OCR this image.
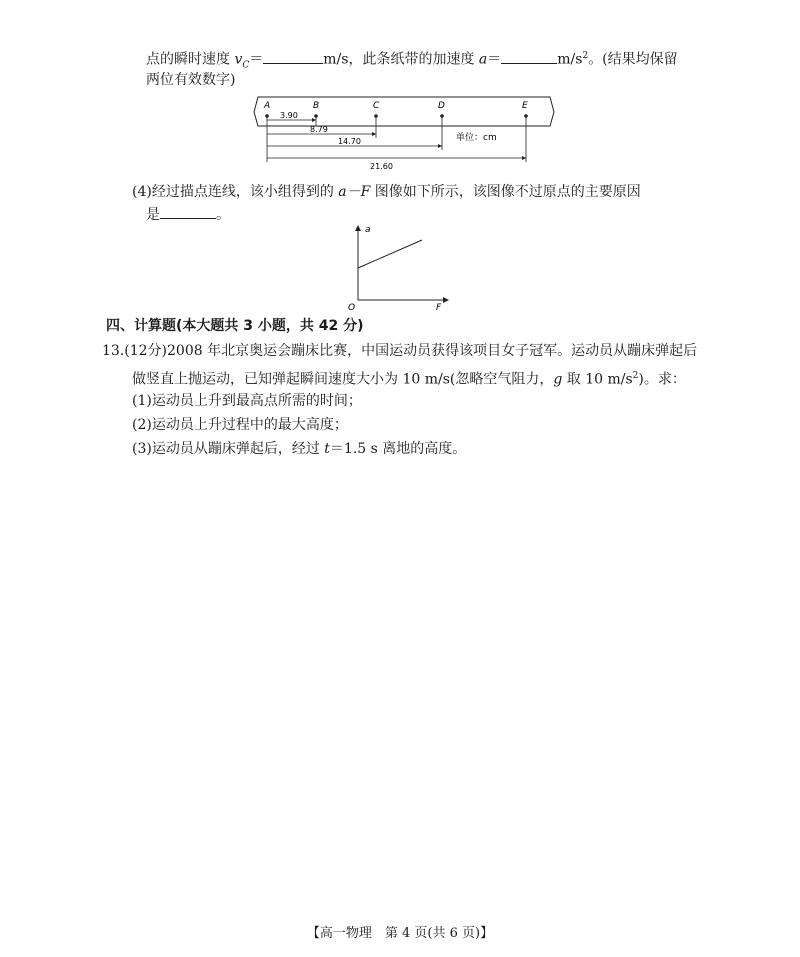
点的瞬时速度 $v_C=$	m/s，此条纸带的加速度 a＝	$m/s^2$。(结果均保留
两位有效数字)
A	B	C	D	E
3.90
8.79
14.70
21.60
单位：cm
(4)经过描点连线，该小组得到的 a－F 图像如下所示，该图像不过原点的主要原因
是	。
a
F
O
四、计算题(本大题共 3 小题，共 42 分)
13.(12分)2008 年北京奥运会蹦床比赛，中国运动员获得该项目女子冠军。运动员从蹦床弹起后
做竖直上抛运动，已知弹起瞬间速度大小为 10 m/s(忽略空气阻力，g 取 10 $m/s^2$)。求：
(1)运动员上升到最高点所需的时间；
(2)运动员上升过程中的最大高度；
(3)运动员从蹦床弹起后，经过 t＝1.5 s 离地的高度。
【高一物理　第 4 页(共 6 页)】
